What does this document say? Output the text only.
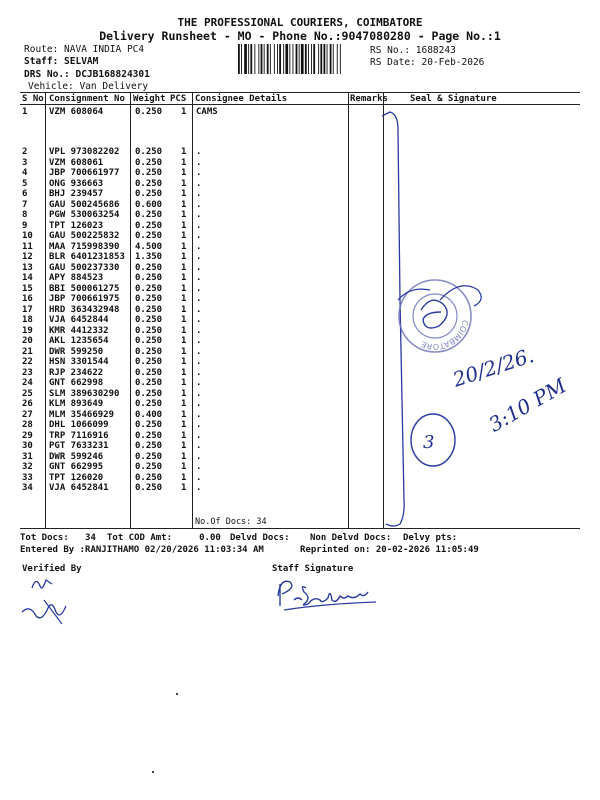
THE PROFESSIONAL COURIERS, COIMBATORE
Delivery Runsheet - MO - Phone No.:9047080280 - Page No.:1
Route: NAVA INDIA PC4
Staff: SELVAM
DRS No.: DCJB168824301
Vehicle: Van Delivery
RS No.: 1688243
RS Date: 20-Feb-2026
S No Consignment No Weight PCS Consignee Details	Remarks Seal & Signature
1 VZM 608064	0.250 1 CAMS
2 VPL 973082202 0.250 1 .
3 VZM 608061	0.250 1 .
4 JBP 700661977 0.250 1 .
5 ONG 936663	0.250 1 .
6 BHJ 239457	0.250 1 .
7 GAU 500245686 0.600 1 .
8 PGW 530063254 0.250 1 .
9 TPT 126023	0.250 1 .
10 GAU 500225832 0.250 1 .
11 MAA 715998390 4.500 1 .
12 BLR 6401231853 1.350 1 .
13 GAU 500237330 0.250 1 .
14 APY 884523	0.250 1 .
15 BBI 500061275 0.250 1 .
16 JBP 700661975 0.250 1 .
17 HRD 363432948 0.250 1 .
18 VJA 6452844	0.250 1 .
19 KMR 4412332	0.250 1 .
20 AKL 1235654	0.250 1 .
21 DWR 599250	0.250 1 .
22 HSN 3301544	0.250 1 .
23 RJP 234622	0.250 1 .
24 GNT 662998	0.250 1 .
25 SLM 389630290 0.250 1 .
26 KLM 893649	0.250 1 .
27 MLM 35466929 0.400 1 .
28 DHL 1066099	0.250 1 .
29 TRP 7116916	0.250 1 .
30 PGT 7633231	0.250 1 .
31 DWR 599246	0.250 1 .
32 GNT 662995	0.250 1 .
33 TPT 126020	0.250 1 .
34 VJA 6452841	0.250 1 .
No.Of Docs: 34
Tot Docs:   34 Tot COD Amt:     0.00 Delvd Docs: Non Delvd Docs: Delvy pts:
Entered By :RANJITHAMO 02/20/2026 11:03:34 AM	Reprinted on: 20-02-2026 11:05:49
Verified By	Staff Signature
COIMBATORE	20/2/26.
3:10 PM
3
